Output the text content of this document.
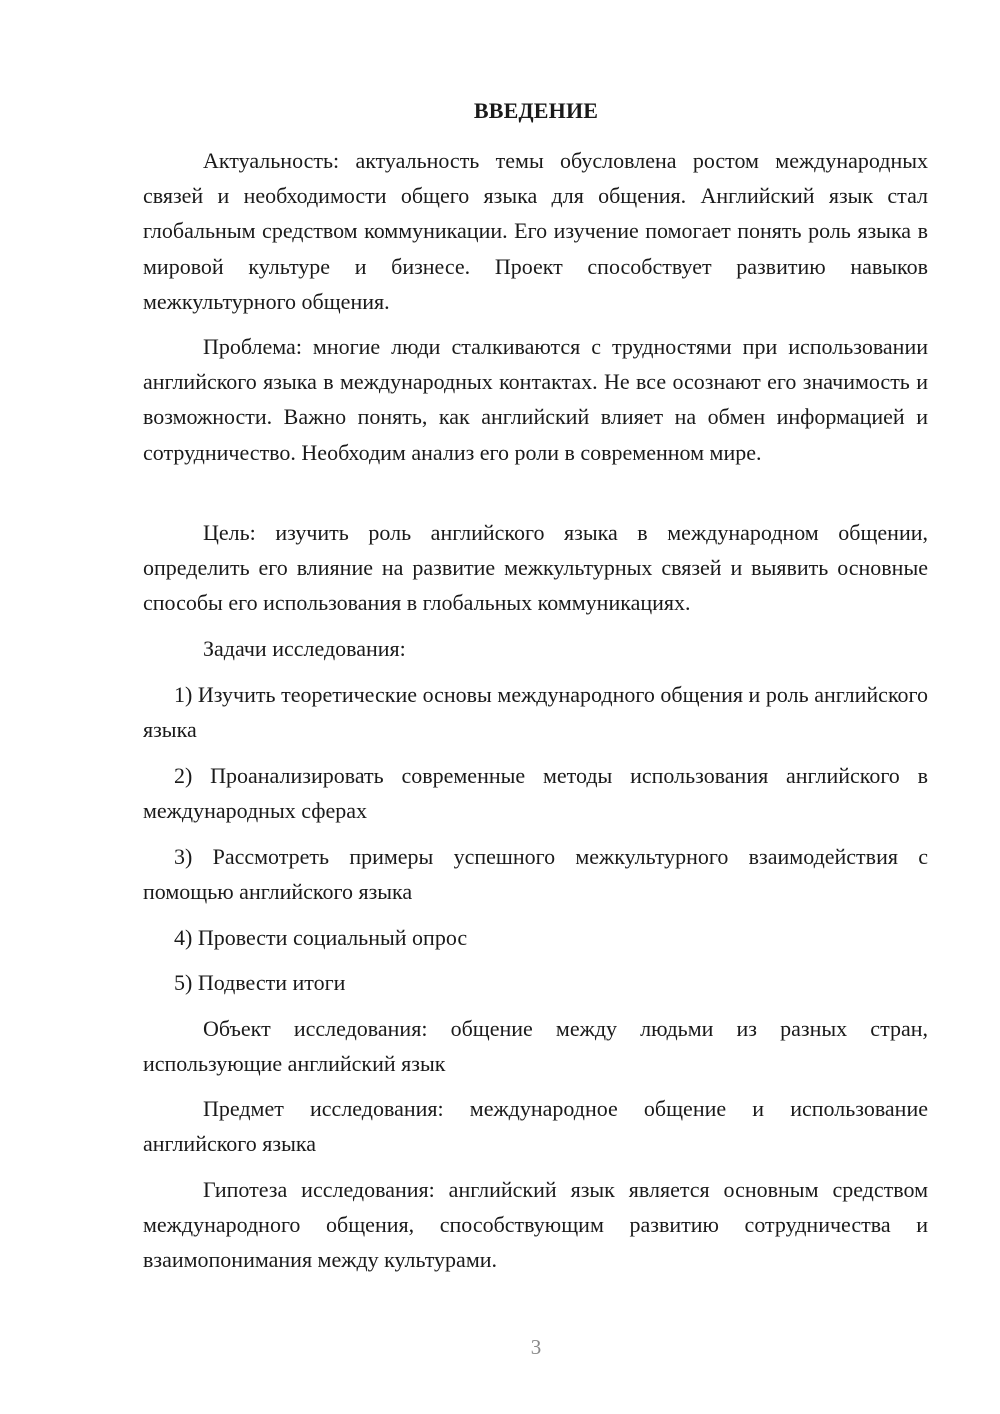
ВВЕДЕНИЕ

Актуальность: актуальность темы обусловлена ростом международных связей и необходимости общего языка для общения. Английский язык стал глобальным средством коммуникации. Его изучение помогает понять роль языка в мировой культуре и бизнесе. Проект способствует развитию навыков межкультурного общения.

Проблема: многие люди сталкиваются с трудностями при использовании английского языка в международных контактах. Не все осознают его значимость и возможности. Важно понять, как английский влияет на обмен информацией и сотрудничество. Необходим анализ его роли в современном мире.

Цель: изучить роль английского языка в международном общении, определить его влияние на развитие межкультурных связей и выявить основные способы его использования в глобальных коммуникациях.

Задачи исследования:

1) Изучить теоретические основы международного общения и роль английского языка

2) Проанализировать современные методы использования английского в международных сферах

3) Рассмотреть примеры успешного межкультурного взаимодействия с помощью английского языка

4) Провести социальный опрос

5) Подвести итоги

Объект исследования: общение между людьми из разных стран, использующие английский язык

Предмет исследования: международное общение и использование английского языка

Гипотеза исследования: английский язык является основным средством международного общения, способствующим развитию сотрудничества и взаимопонимания между культурами.

3
